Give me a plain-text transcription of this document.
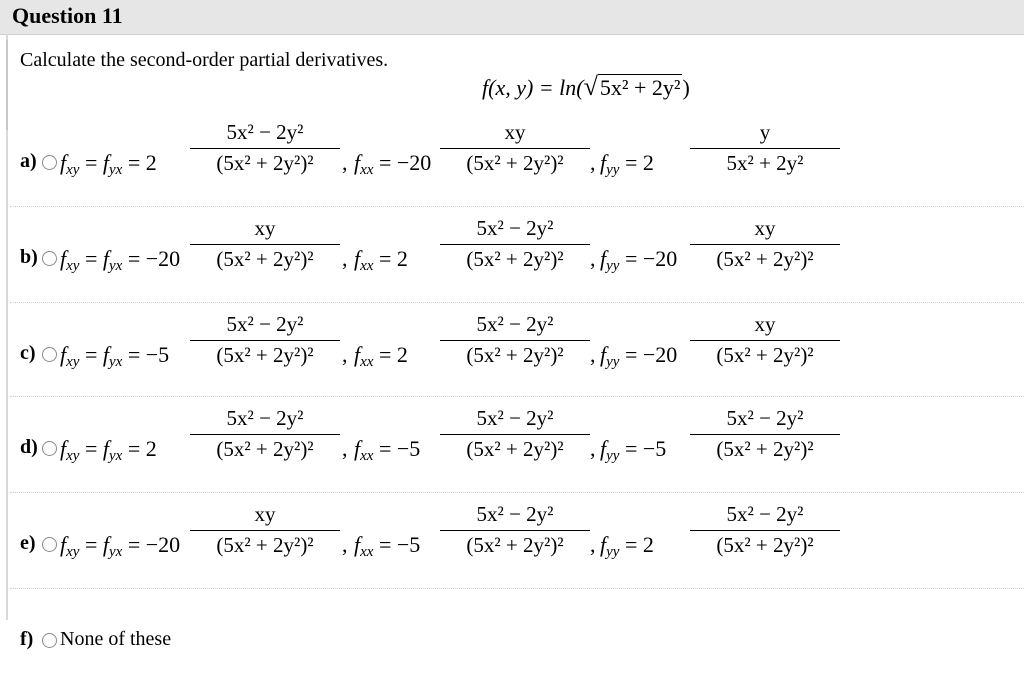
Question 11
Calculate the second-order partial derivatives.
f(x, y) = ln(√5x² + 2y²)
a) $f_{xy} = f_{yx} = 2$
5x² − 2y²
(5x² + 2y²)²	, $f_{xx} = -20$
xy
(5x² + 2y²)²	, $f_{yy} = 2$
y
5x² + 2y²
b) $f_{xy} = f_{yx} = -20$
xy
(5x² + 2y²)²	, $f_{xx} = 2$
5x² − 2y²
(5x² + 2y²)²	, $f_{yy} = -20$
xy
(5x² + 2y²)²
c) $f_{xy} = f_{yx} = -5$
5x² − 2y²
(5x² + 2y²)²	, $f_{xx} = 2$
5x² − 2y²
(5x² + 2y²)²	, $f_{yy} = -20$
xy
(5x² + 2y²)²
d) $f_{xy} = f_{yx} = 2$
5x² − 2y²
(5x² + 2y²)²	, $f_{xx} = -5$
5x² − 2y²
(5x² + 2y²)²	, $f_{yy} = -5$
5x² − 2y²
(5x² + 2y²)²
e) $f_{xy} = f_{yx} = -20$
xy
(5x² + 2y²)²	, $f_{xx} = -5$
5x² − 2y²
(5x² + 2y²)²	, $f_{yy} = 2$
5x² − 2y²
(5x² + 2y²)²
f) None of these
